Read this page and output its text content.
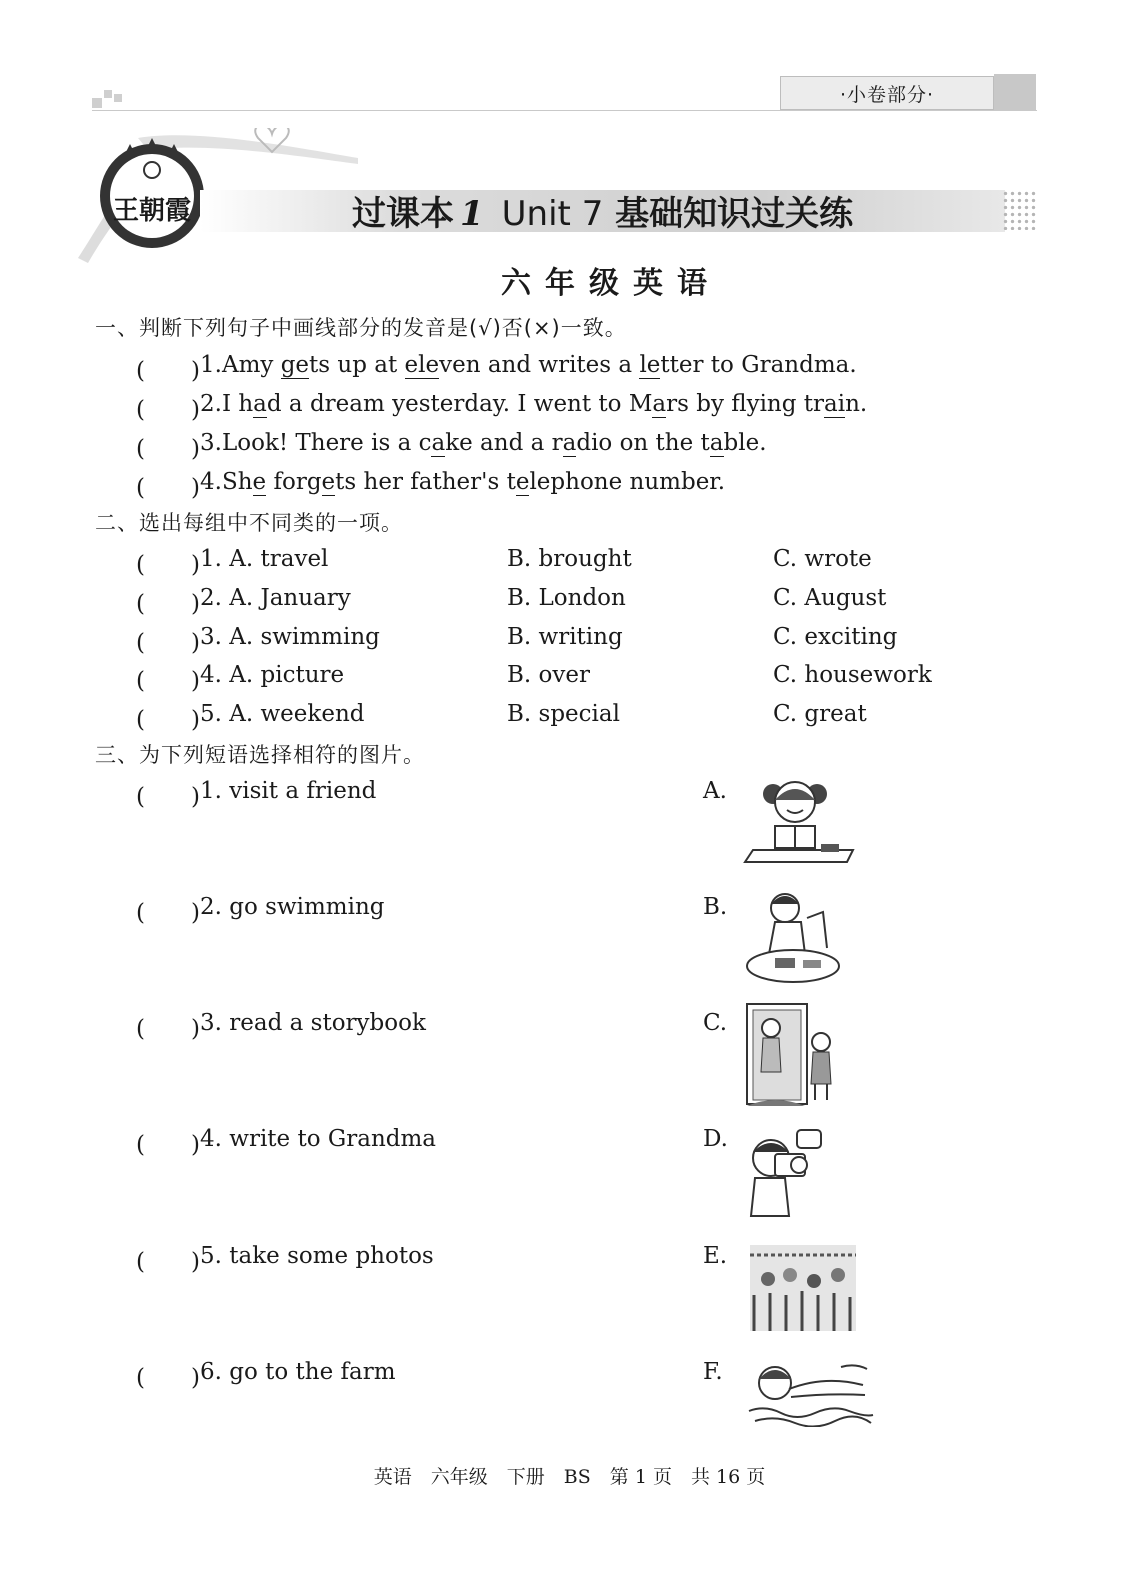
·小卷部分·
王朝霞	过课本 1 Unit 7 基础知识过关练
六年级英语
一、判断下列句子中画线部分的发音是(√)否(×)一致。
(　　) 1.Amy gets up at eleven and writes a letter to Grandma.
(　　) 2.I had a dream yesterday. I went to Mars by flying train.
(　　) 3.Look! There is a cake and a radio on the table.
(　　) 4.She forgets her father's telephone number.
二、选出每组中不同类的一项。
(　　) 1. A. travel	B. brought	C. wrote
(　　) 2. A. January	B. London	C. August
(　　) 3. A. swimming	B. writing	C. exciting
(　　) 4. A. picture	B. over	C. housework
(　　) 5. A. weekend	B. special	C. great
三、为下列短语选择相符的图片。
(　　) 1. visit a friend	A.
(　　) 2. go swimming	B.
(　　) 3. read a storybook	C.
(　　) 4. write to Grandma	D.
(　　) 5. take some photos	E.
(　　) 6. go to the farm	F.
英语　六年级　下册　BS　第 1 页　共 16 页
